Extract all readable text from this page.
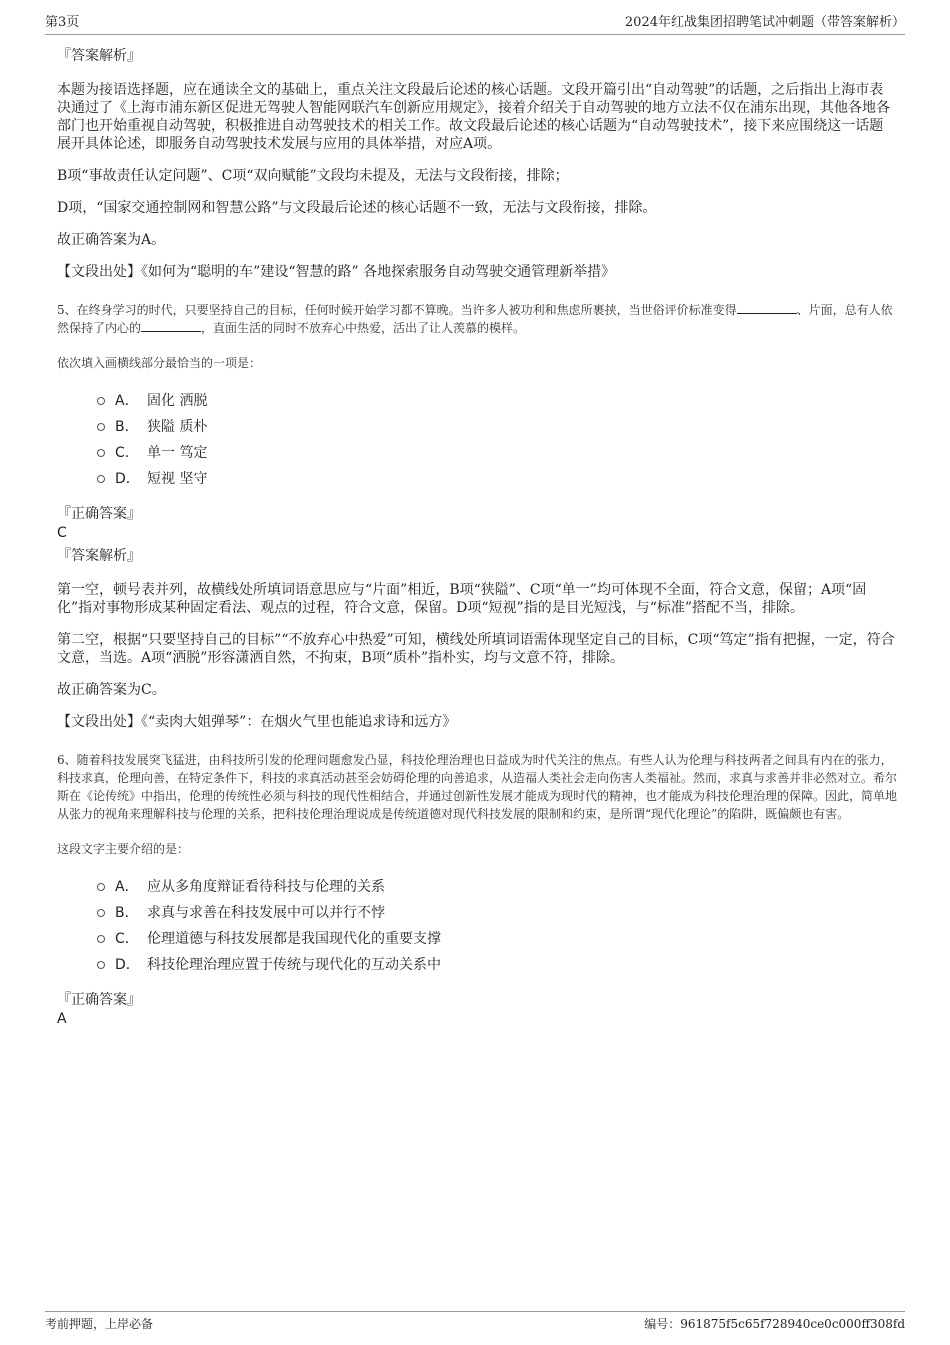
第3页	2024年红战集团招聘笔试冲刺题（带答案解析）
『答案解析』
本题为接语选择题，应在通读全文的基础上，重点关注文段最后论述的核心话题。文段开篇引出“自动驾驶”的话题，之后指出上海市表决通过了《上海市浦东新区促进无驾驶人智能网联汽车创新应用规定》，接着介绍关于自动驾驶的地方立法不仅在浦东出现，其他各地各部门也开始重视自动驾驶，积极推进自动驾驶技术的相关工作。故文段最后论述的核心话题为“自动驾驶技术”，接下来应围绕这一话题展开具体论述，即服务自动驾驶技术发展与应用的具体举措，对应A项。
B项“事故责任认定问题”、C项“双向赋能”文段均未提及，无法与文段衔接，排除；
D项，“国家交通控制网和智慧公路”与文段最后论述的核心话题不一致，无法与文段衔接，排除。
故正确答案为A。
【文段出处】《如何为“聪明的车”建设“智慧的路” 各地探索服务自动驾驶交通管理新举措》
5、在终身学习的时代，只要坚持自己的目标，任何时候开始学习都不算晚。当许多人被功利和焦虑所裹挟，当世俗评价标准变得	、片面，总有人依然保持了内心的	，直面生活的同时不放弃心中热爱，活出了让人羡慕的模样。
依次填入画横线部分最恰当的一项是：
A． 固化 洒脱
B． 狭隘 质朴
C． 单一 笃定
D． 短视 坚守
『正确答案』
C
『答案解析』
第一空，顿号表并列，故横线处所填词语意思应与“片面”相近，B项“狭隘”、C项“单一”均可体现不全面，符合文意，保留；A项“固化”指对事物形成某种固定看法、观点的过程，符合文意，保留。D项“短视”指的是目光短浅，与“标准”搭配不当，排除。
第二空，根据“只要坚持自己的目标”“不放弃心中热爱”可知，横线处所填词语需体现坚定自己的目标，C项“笃定”指有把握，一定，符合文意，当选。A项“洒脱”形容潇洒自然，不拘束，B项“质朴”指朴实，均与文意不符，排除。
故正确答案为C。
【文段出处】《“卖肉大姐弹琴”：在烟火气里也能追求诗和远方》
6、随着科技发展突飞猛进，由科技所引发的伦理问题愈发凸显，科技伦理治理也日益成为时代关注的焦点。有些人认为伦理与科技两者之间具有内在的张力，科技求真，伦理向善，在特定条件下，科技的求真活动甚至会妨碍伦理的向善追求，从造福人类社会走向伤害人类福祉。然而，求真与求善并非必然对立。希尔斯在《论传统》中指出，伦理的传统性必须与科技的现代性相结合，并通过创新性发展才能成为现时代的精神，也才能成为科技伦理治理的保障。因此，简单地从张力的视角来理解科技与伦理的关系，把科技伦理治理说成是传统道德对现代科技发展的限制和约束，是所谓“现代化理论”的陷阱，既偏颇也有害。
这段文字主要介绍的是：
A． 应从多角度辩证看待科技与伦理的关系
B． 求真与求善在科技发展中可以并行不悖
C． 伦理道德与科技发展都是我国现代化的重要支撑
D． 科技伦理治理应置于传统与现代化的互动关系中
『正确答案』
A
考前押题，上岸必备	编号：961875f5c65f728940ce0c000ff308fd
